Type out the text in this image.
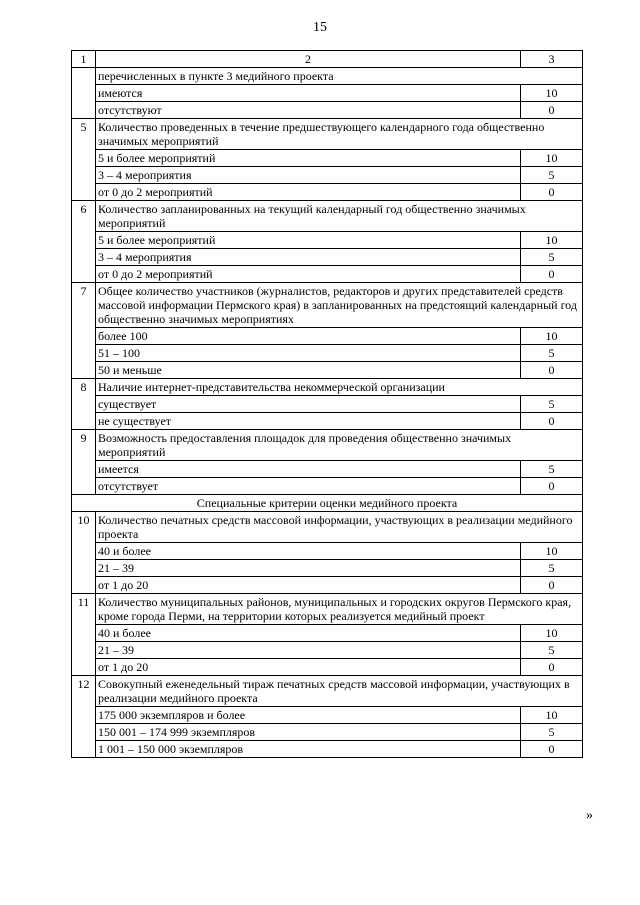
15
1	2	3
	перечисленных в пункте 3 медийного проекта	
	имеются	10
	отсутствуют	0
5	Количество проведенных в течение предшествующего календарного года общественно значимых мероприятий	
	5 и более мероприятий	10
	3 – 4 мероприятия	5
	от 0 до 2 мероприятий	0
6	Количество запланированных на текущий календарный год общественно значимых мероприятий	
	5 и более мероприятий	10
	3 – 4 мероприятия	5
	от 0 до 2 мероприятий	0
7	Общее количество участников (журналистов, редакторов и других представителей средств массовой информации Пермского края) в запланированных на предстоящий календарный год общественно значимых мероприятиях	
	более 100	10
	51 – 100	5
	50 и меньше	0
8	Наличие интернет-представительства некоммерческой организации	
	существует	5
	не существует	0
9	Возможность предоставления площадок для проведения общественно значимых мероприятий	
	имеется	5
	отсутствует	0
Специальные критерии оценки медийного проекта		
10	Количество печатных средств массовой информации, участвующих в реализации медийного проекта	
	40 и более	10
	21 – 39	5
	от 1 до 20	0
11	Количество муниципальных районов, муниципальных и городских округов Пермского края, кроме города Перми, на территории которых реализуется медийный проект	
	40 и более	10
	21 – 39	5
	от 1 до 20	0
12	Совокупный еженедельный тираж печатных средств массовой информации, участвующих в реализации медийного проекта	
	175 000 экземпляров и более	10
	150 001 – 174 999 экземпляров	5
	1 001 – 150 000 экземпляров	0
»
